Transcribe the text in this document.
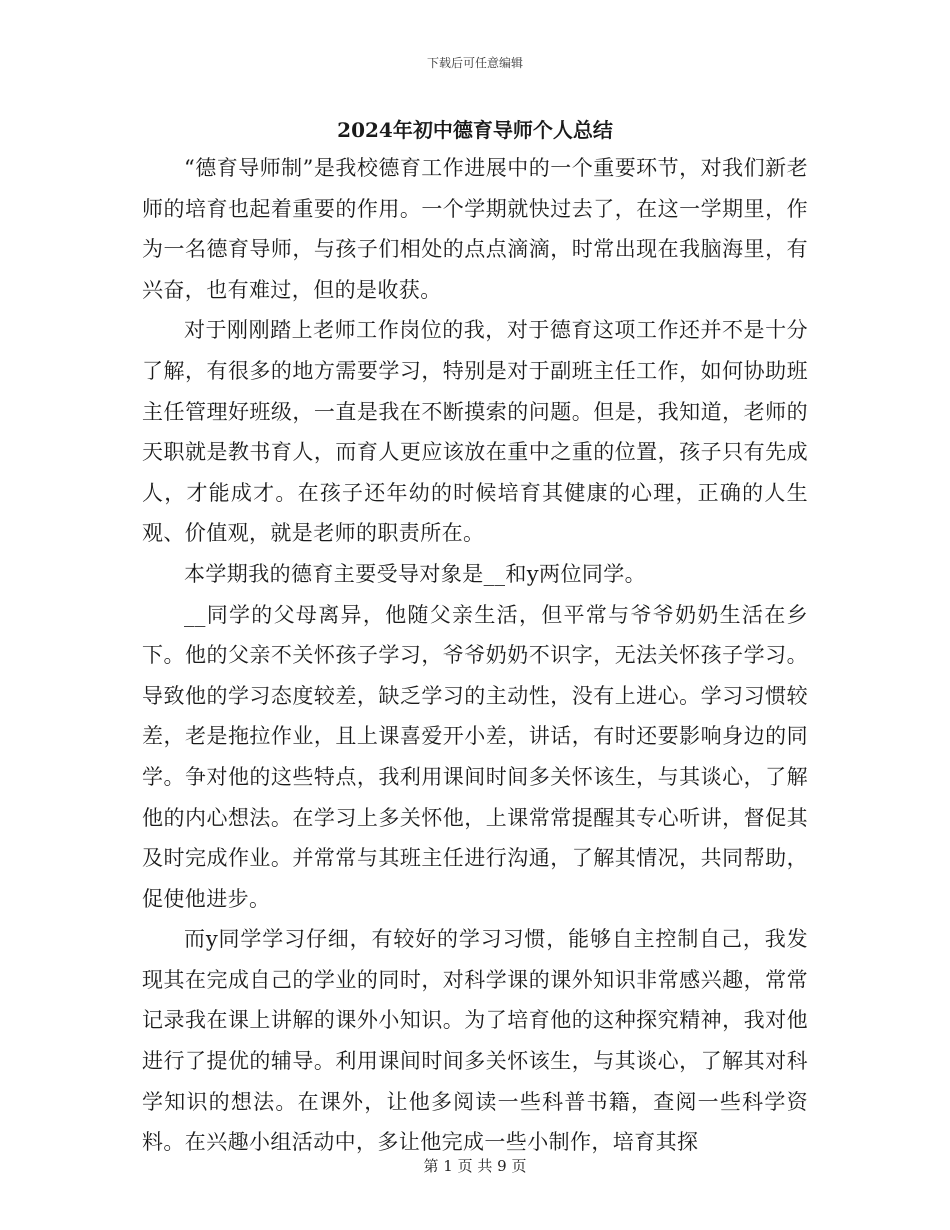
下载后可任意编辑
2024年初中德育导师个人总结

“德育导师制”是我校德育工作进展中的一个重要环节，对我们新老师的培育也起着重要的作用。一个学期就快过去了，在这一学期里，作为一名德育导师，与孩子们相处的点点滴滴，时常出现在我脑海里，有兴奋，也有难过，但的是收获。

对于刚刚踏上老师工作岗位的我，对于德育这项工作还并不是十分了解，有很多的地方需要学习，特别是对于副班主任工作，如何协助班主任管理好班级，一直是我在不断摸索的问题。但是，我知道，老师的天职就是教书育人，而育人更应该放在重中之重的位置，孩子只有先成人，才能成才。在孩子还年幼的时候培育其健康的心理，正确的人生观、价值观，就是老师的职责所在。

本学期我的德育主要受导对象是__和y两位同学。

__同学的父母离异，他随父亲生活，但平常与爷爷奶奶生活在乡下。他的父亲不关怀孩子学习，爷爷奶奶不识字，无法关怀孩子学习。导致他的学习态度较差，缺乏学习的主动性，没有上进心。学习习惯较差，老是拖拉作业，且上课喜爱开小差，讲话，有时还要影响身边的同学。争对他的这些特点，我利用课间时间多关怀该生，与其谈心，了解他的内心想法。在学习上多关怀他，上课常常提醒其专心听讲，督促其及时完成作业。并常常与其班主任进行沟通，了解其情况，共同帮助，促使他进步。

而y同学学习仔细，有较好的学习习惯，能够自主控制自己，我发现其在完成自己的学业的同时，对科学课的课外知识非常感兴趣，常常记录我在课上讲解的课外小知识。为了培育他的这种探究精神，我对他进行了提优的辅导。利用课间时间多关怀该生，与其谈心，了解其对科学知识的想法。在课外，让他多阅读一些科普书籍，查阅一些科学资料。在兴趣小组活动中，多让他完成一些小制作，培育其探

第 1 页 共 9 页
